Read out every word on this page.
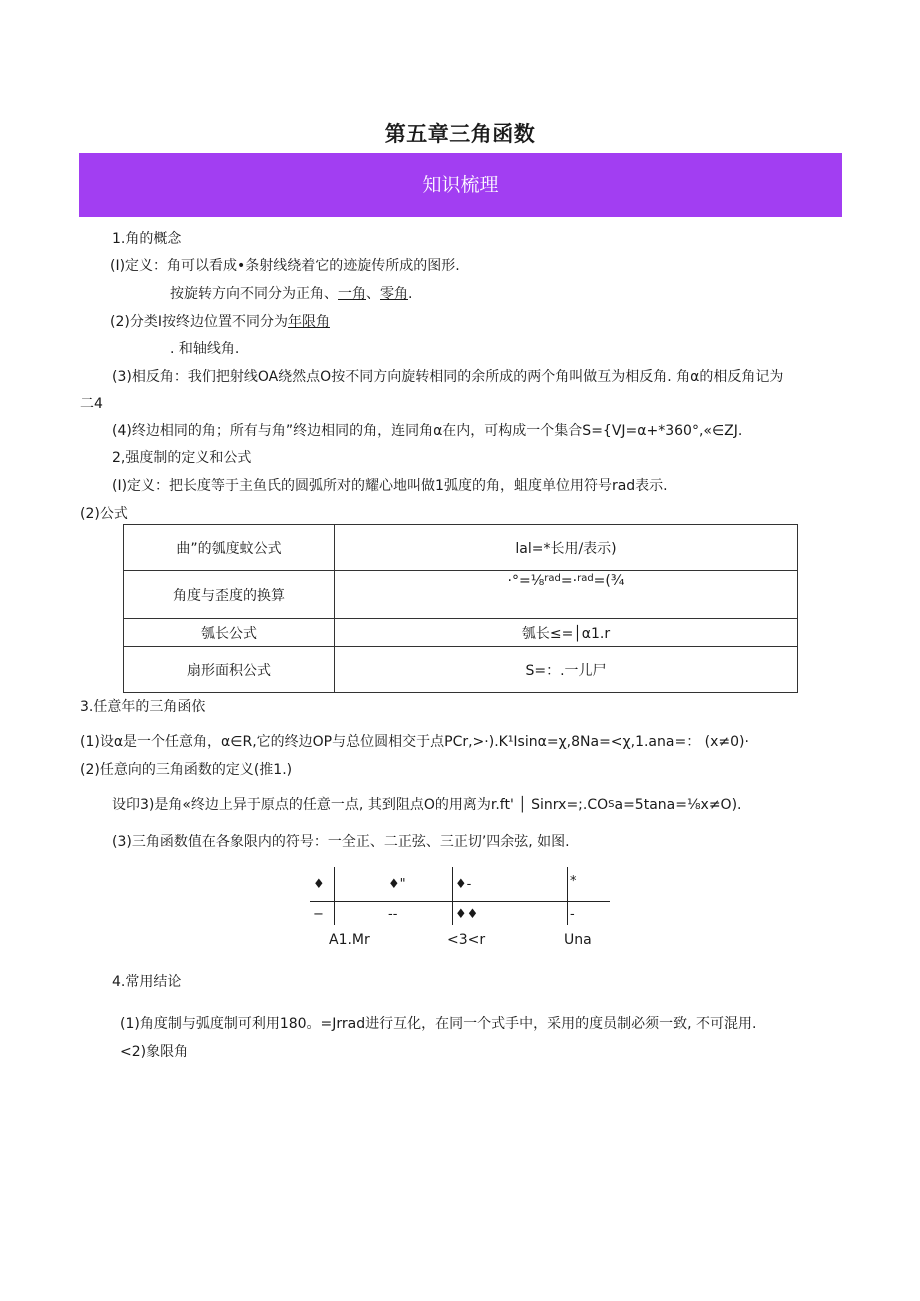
第五章三角函数
知识梳理
1.角的概念
(I)定义：角可以看成•条射线绕着它的迹旋传所成的图形.
按旋转方向不同分为正角、一角、零角.
(2)分类I按终边位置不同分为年限角
. 和轴线角.
(3)相反角：我们把射线OA绕然点O按不同方向旋转相同的余所成的两个角叫做互为相反角. 角α的相反角记为
二4
(4)终边相同的角；所有与角”终边相同的角，连同角α在内，可构成一个集合S={VJ=α+*360°,«∈ZJ.
2,强度制的定义和公式
(I)定义：把长度等于主鱼氏的圆弧所对的耀心地叫做1弧度的角，蛆度单位用符号rad表示.
(2)公式
曲”的瓠度蚊公式	lal=*长用/表示)
角度与歪度的换算	·°=⅛$^{rad}$=·$^{rad}$=(¾
瓠长公式	瓠长≤=│α1.r
扇形面积公式	S=：.一儿尸
3.任意年的三角函依
(1)设α是一个任意角，α∈R,它的终边OP与总位圆相交于点PCr,>·).K¹Isinα=χ,8Na=<χ,1.ana=： (x≠0)·
(2)任意向的三角函数的定义(推1.)
设印3)是角«终边上异于原点的任意一点, 其到阻点O的用离为r.ft' │ $Sinrx=;.CO^Sa=5\tan a=\frac{1}{8}x\ne O$).
(3)三角函数值在各象限内的符号：一全正、二正弦、三正切’四余弦, 如图.
♦	♦"	♦-	*
−	--	♦♦	-
A1.Mr	<3<r	Una
4.常用结论
(1)角度制与弧度制可利用180。=Jrrad进行互化，在同一个式手中，采用的度员制必须一致, 不可混用.
<2)象限角
